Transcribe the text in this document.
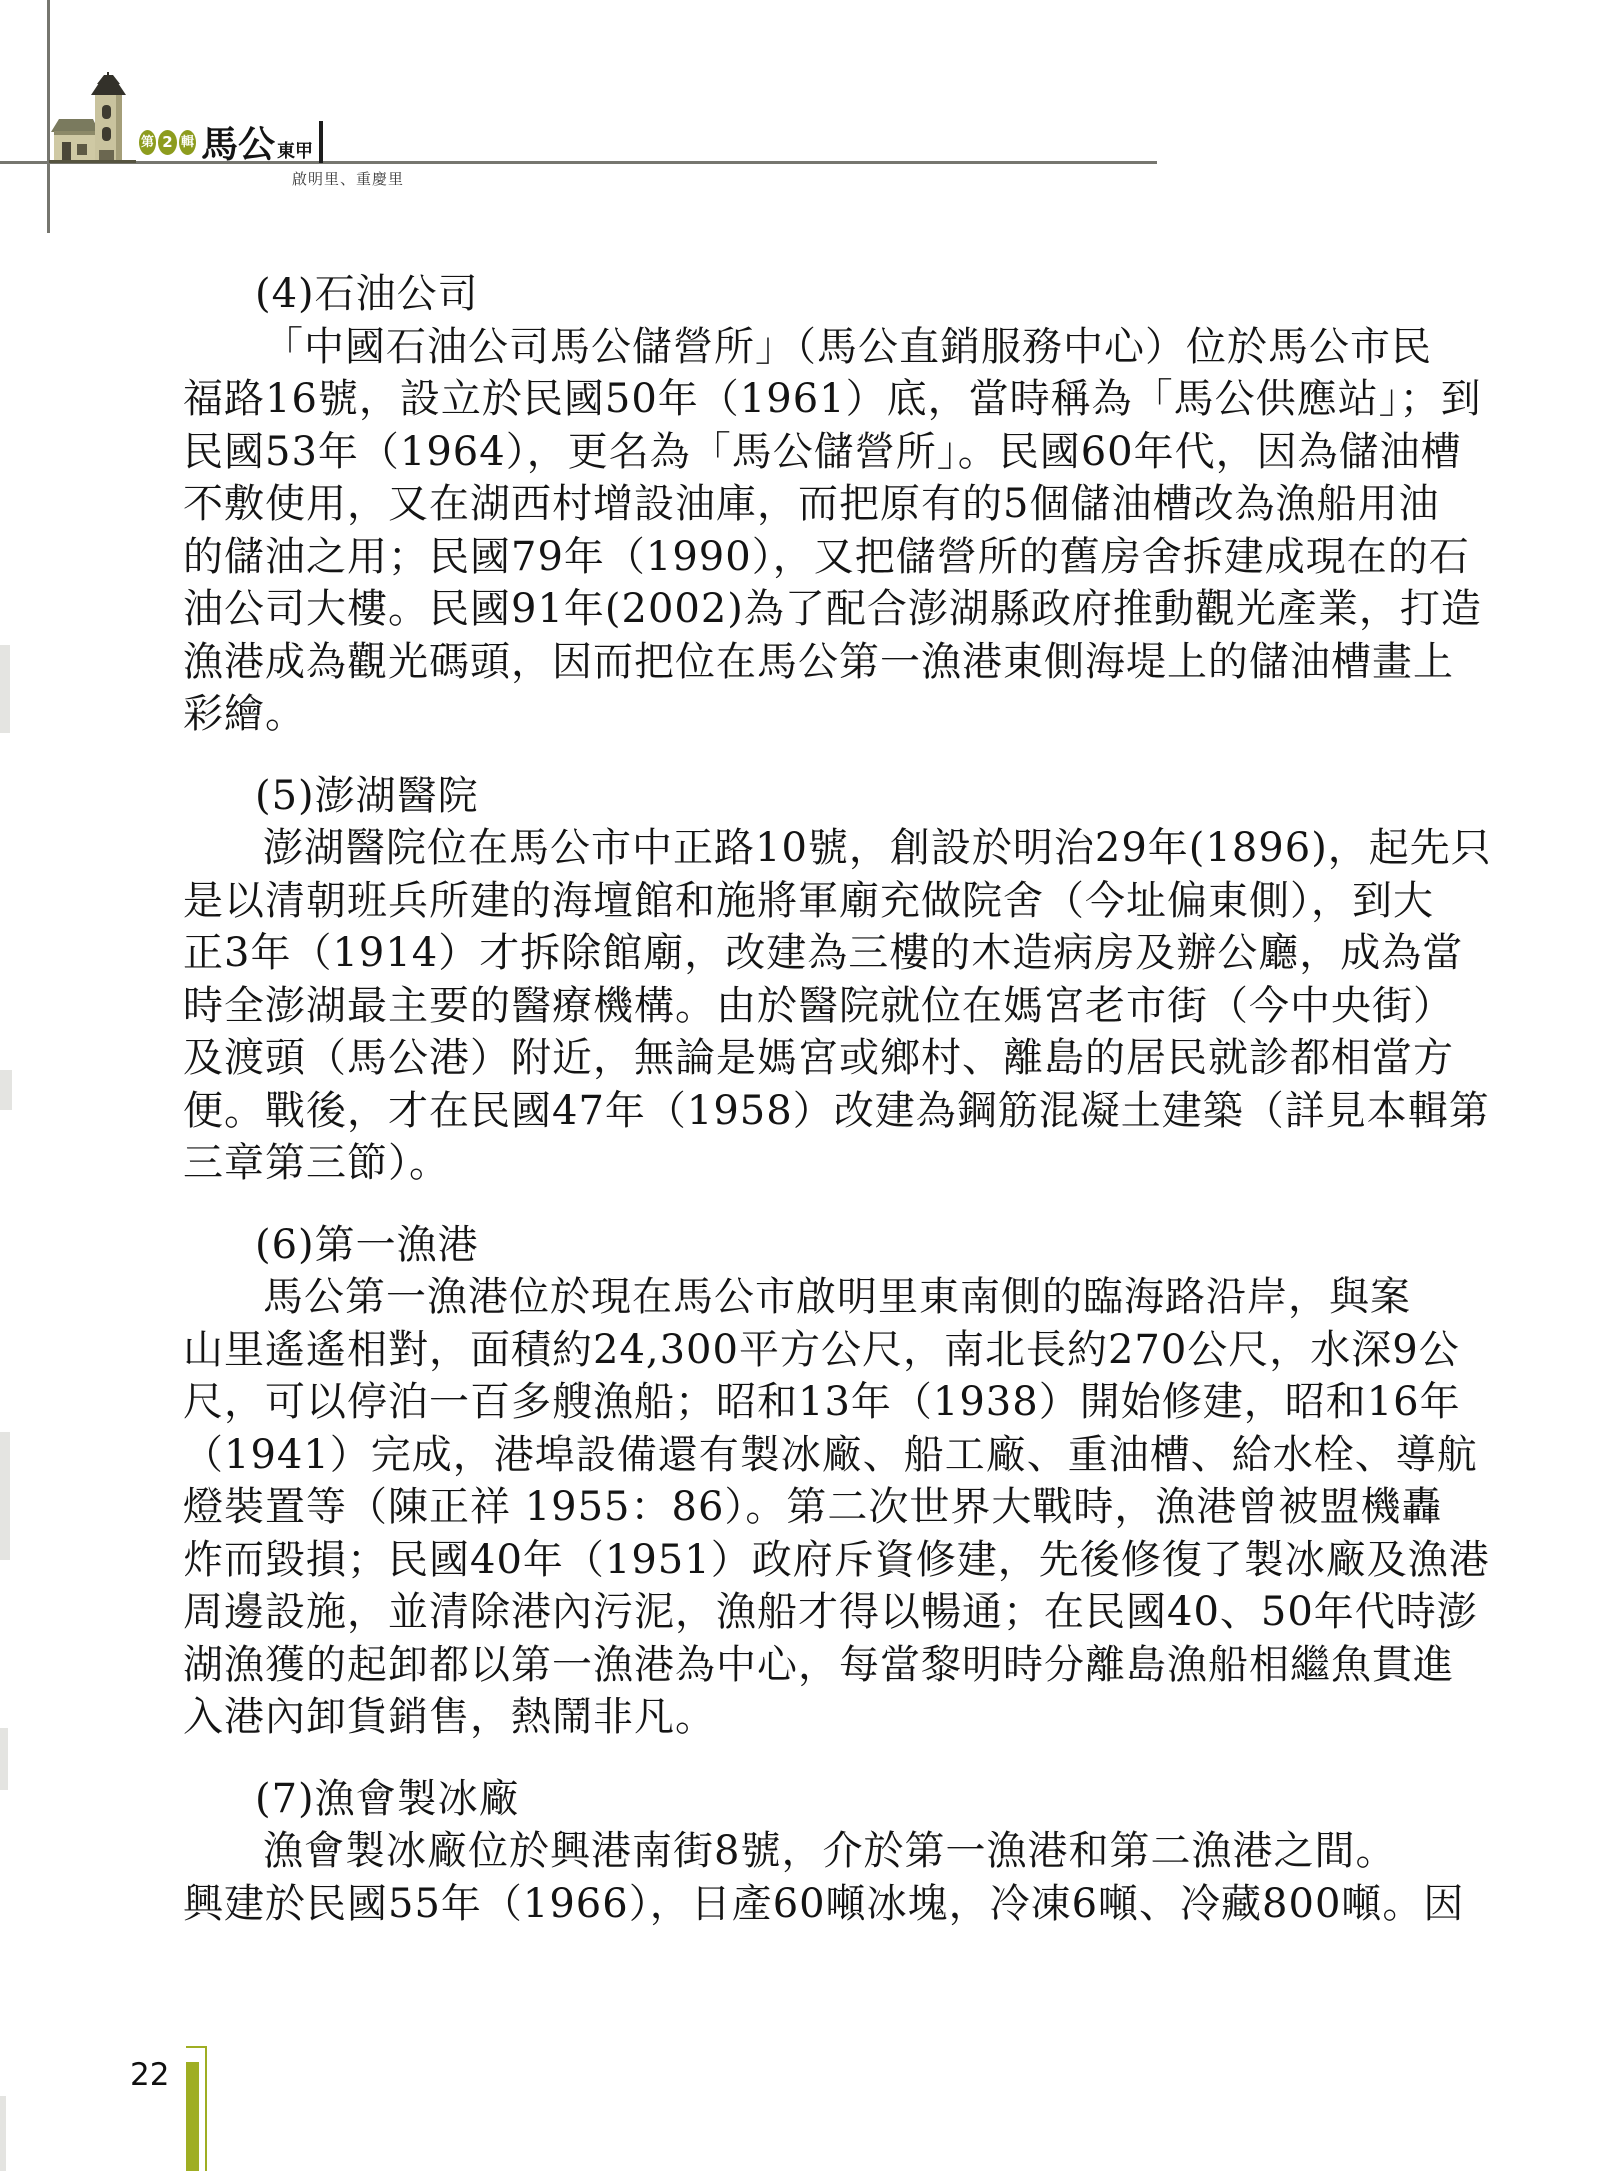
第 2 輯 馬公 東甲
啟明里、重慶里
(4)石油公司
「中國石油公司馬公儲營所」（馬公直銷服務中心）位於馬公市民
福路16號，設立於民國50年（1961）底，當時稱為「馬公供應站」；到
民國53年（1964），更名為「馬公儲營所」。民國60年代，因為儲油槽
不敷使用，又在湖西村增設油庫，而把原有的5個儲油槽改為漁船用油
的儲油之用；民國79年（1990），又把儲營所的舊房舍拆建成現在的石
油公司大樓。民國91年(2002)為了配合澎湖縣政府推動觀光產業，打造
漁港成為觀光碼頭，因而把位在馬公第一漁港東側海堤上的儲油槽畫上
彩繪。
(5)澎湖醫院
澎湖醫院位在馬公市中正路10號，創設於明治29年(1896)，起先只
是以清朝班兵所建的海壇館和施將軍廟充做院舍（今址偏東側），到大
正3年（1914）才拆除館廟，改建為三樓的木造病房及辦公廳，成為當
時全澎湖最主要的醫療機構。由於醫院就位在媽宮老市街（今中央街）
及渡頭（馬公港）附近，無論是媽宮或鄉村、離島的居民就診都相當方
便。戰後，才在民國47年（1958）改建為鋼筋混凝土建築（詳見本輯第
三章第三節）。
(6)第一漁港
馬公第一漁港位於現在馬公市啟明里東南側的臨海路沿岸，與案
山里遙遙相對，面積約24,300平方公尺，南北長約270公尺，水深9公
尺，可以停泊一百多艘漁船；昭和13年（1938）開始修建，昭和16年
（1941）完成，港埠設備還有製冰廠、船工廠、重油槽、給水栓、導航
燈裝置等（陳正祥 1955：86）。第二次世界大戰時，漁港曾被盟機轟
炸而毀損；民國40年（1951）政府斥資修建，先後修復了製冰廠及漁港
周邊設施，並清除港內污泥，漁船才得以暢通；在民國40、50年代時澎
湖漁獲的起卸都以第一漁港為中心，每當黎明時分離島漁船相繼魚貫進
入港內卸貨銷售，熱鬧非凡。
(7)漁會製冰廠
漁會製冰廠位於興港南街8號，介於第一漁港和第二漁港之間。
興建於民國55年（1966），日產60噸冰塊，冷凍6噸、冷藏800噸。因
22
